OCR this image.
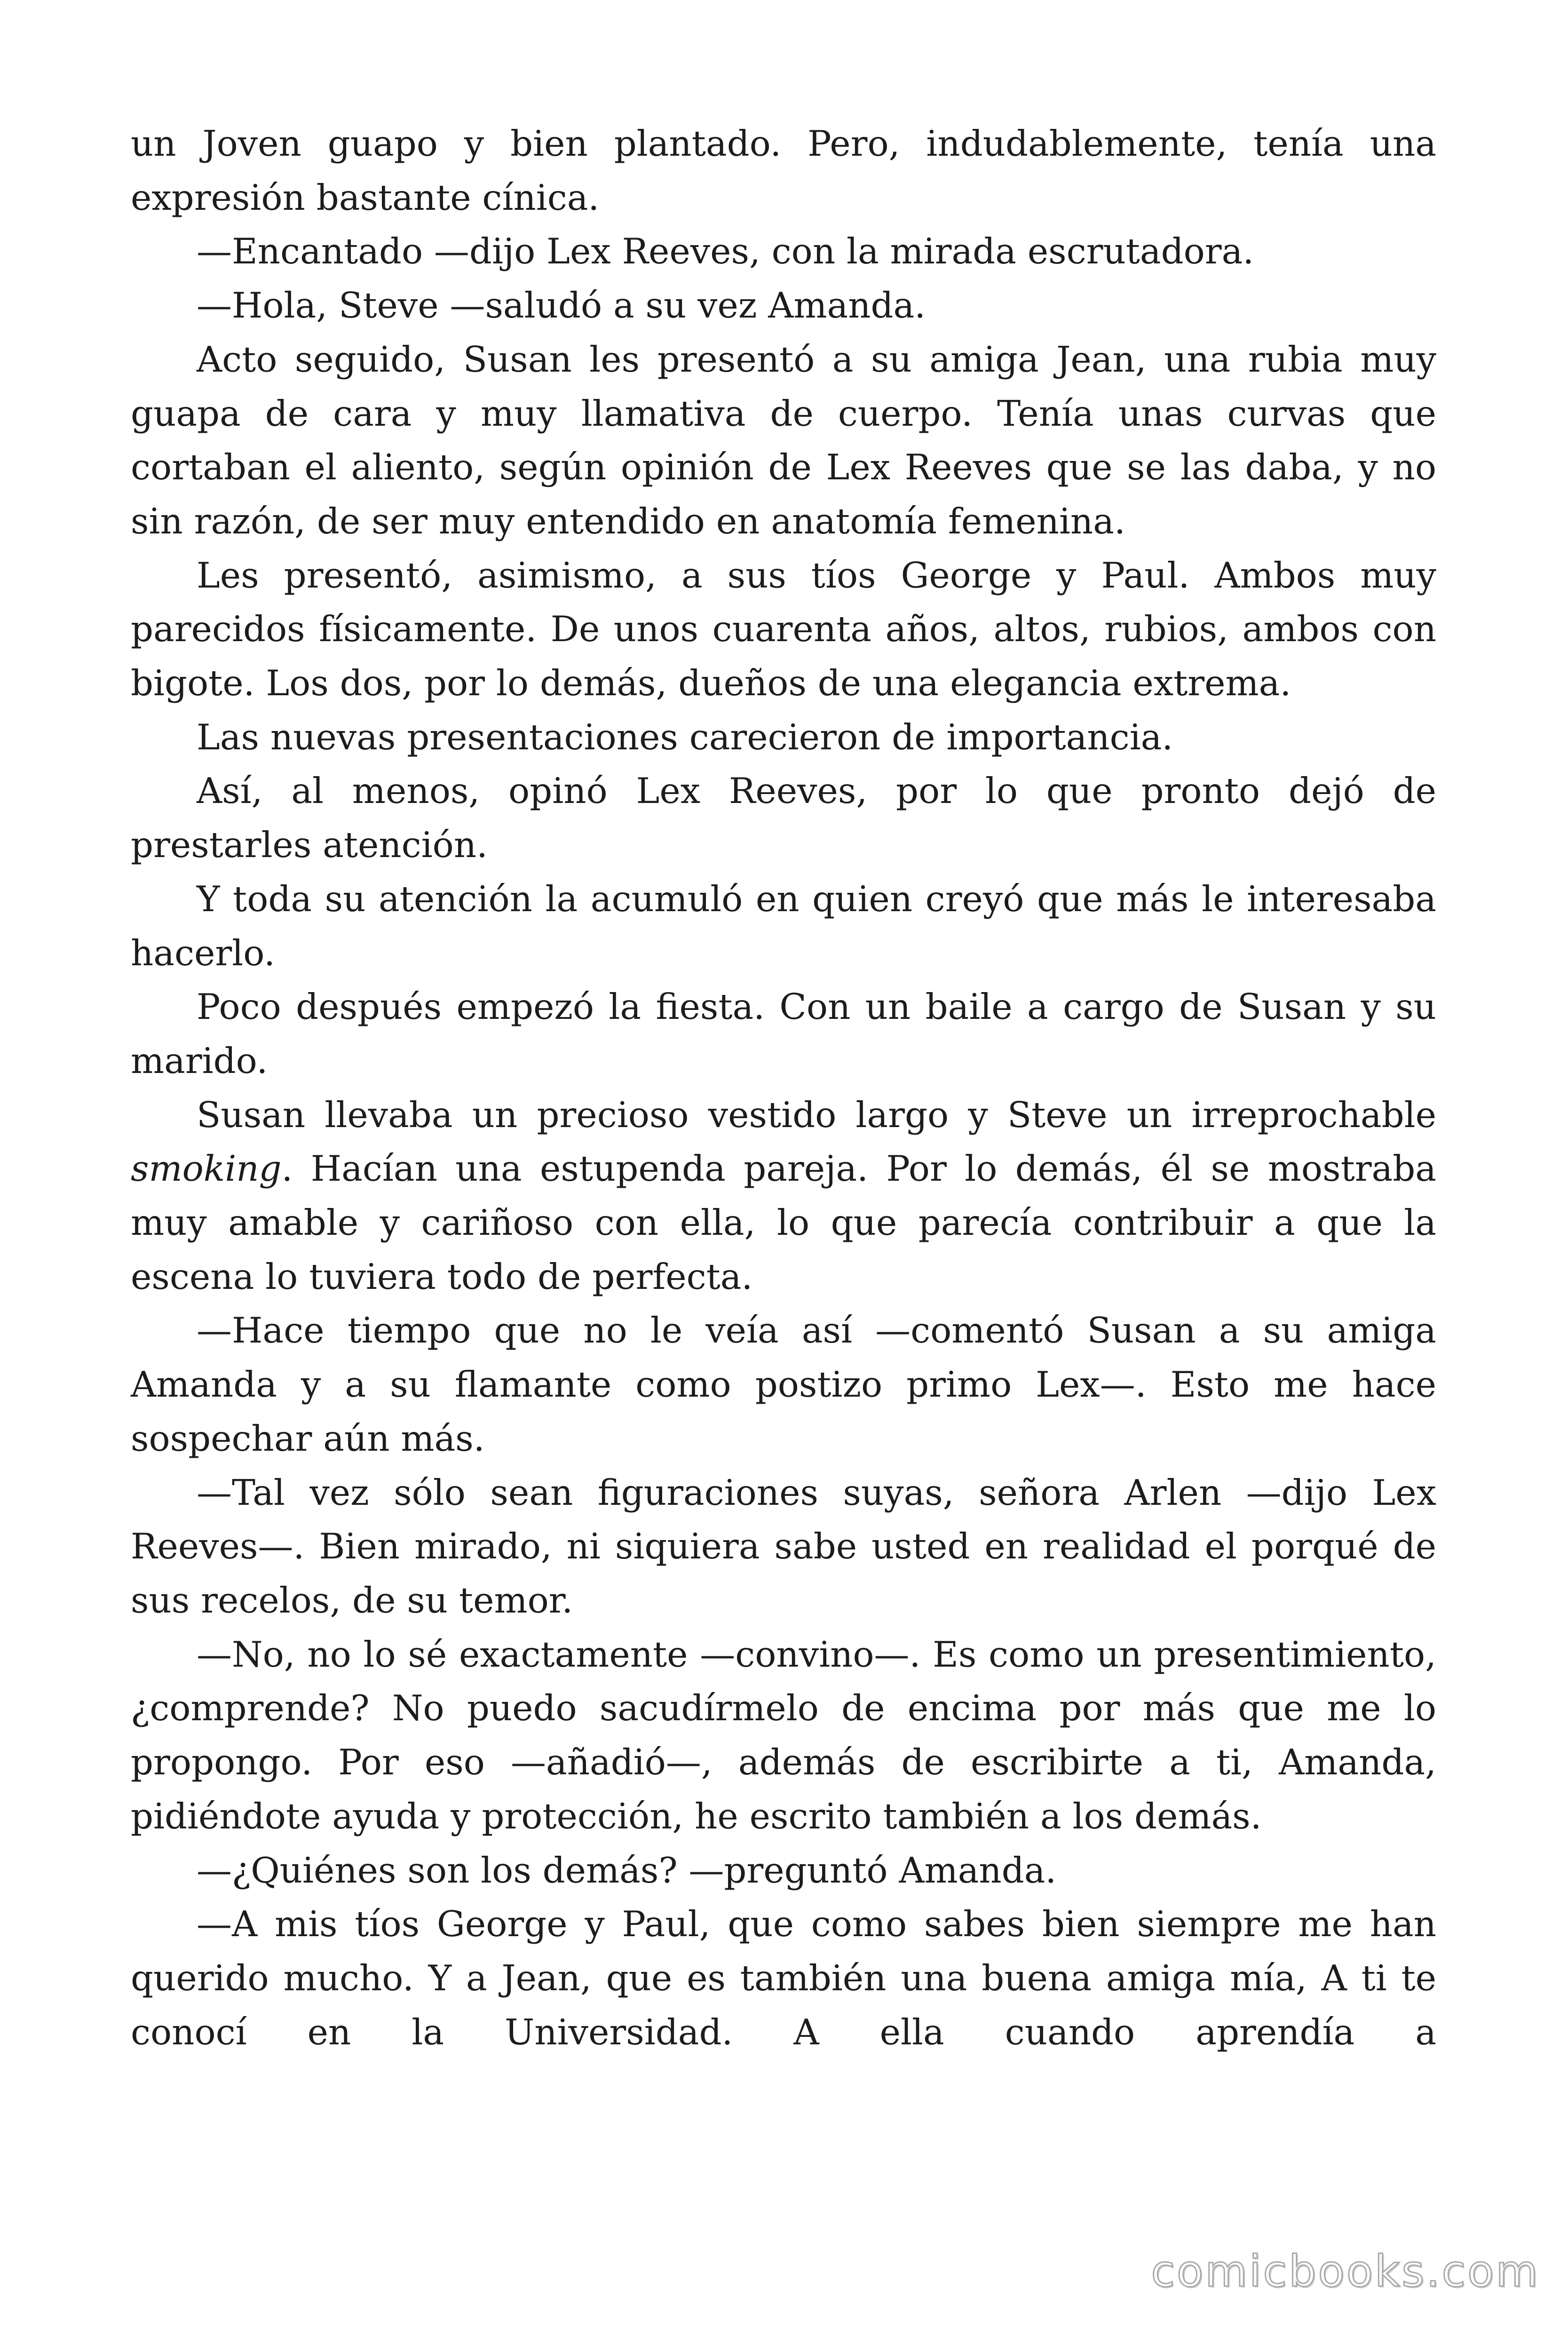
un Joven guapo y bien plantado. Pero, indudablemente, tenía una expresión bastante cínica.

—Encantado —dijo Lex Reeves, con la mirada escrutadora.

—Hola, Steve —saludó a su vez Amanda.

Acto seguido, Susan les presentó a su amiga Jean, una rubia muy guapa de cara y muy llamativa de cuerpo. Tenía unas curvas que cortaban el aliento, según opinión de Lex Reeves que se las daba, y no sin razón, de ser muy entendido en anatomía femenina.

Les presentó, asimismo, a sus tíos George y Paul. Ambos muy parecidos físicamente. De unos cuarenta años, altos, rubios, ambos con bigote. Los dos, por lo demás, dueños de una elegancia extrema.

Las nuevas presentaciones carecieron de importancia.

Así, al menos, opinó Lex Reeves, por lo que pronto dejó de prestarles atención.

Y toda su atención la acumuló en quien creyó que más le interesaba hacerlo.

Poco después empezó la fiesta. Con un baile a cargo de Susan y su marido.

Susan llevaba un precioso vestido largo y Steve un irreprochable smoking. Hacían una estupenda pareja. Por lo demás, él se mostraba muy amable y cariñoso con ella, lo que parecía contribuir a que la escena lo tuviera todo de perfecta.

—Hace tiempo que no le veía así —comentó Susan a su amiga Amanda y a su flamante como postizo primo Lex—. Esto me hace sospechar aún más.

—Tal vez sólo sean figuraciones suyas, señora Arlen —dijo Lex Reeves—. Bien mirado, ni siquiera sabe usted en realidad el porqué de sus recelos, de su temor.

—No, no lo sé exactamente —convino—. Es como un presentimiento, ¿comprende? No puedo sacudírmelo de encima por más que me lo propongo. Por eso —añadió—, además de escribirte a ti, Amanda, pidiéndote ayuda y protección, he escrito también a los demás.

—¿Quiénes son los demás? —preguntó Amanda.

—A mis tíos George y Paul, que como sabes bien siempre me han querido mucho. Y a Jean, que es también una buena amiga mía, A ti te conocí en la Universidad. A ella cuando aprendía a

comicbooks.com
